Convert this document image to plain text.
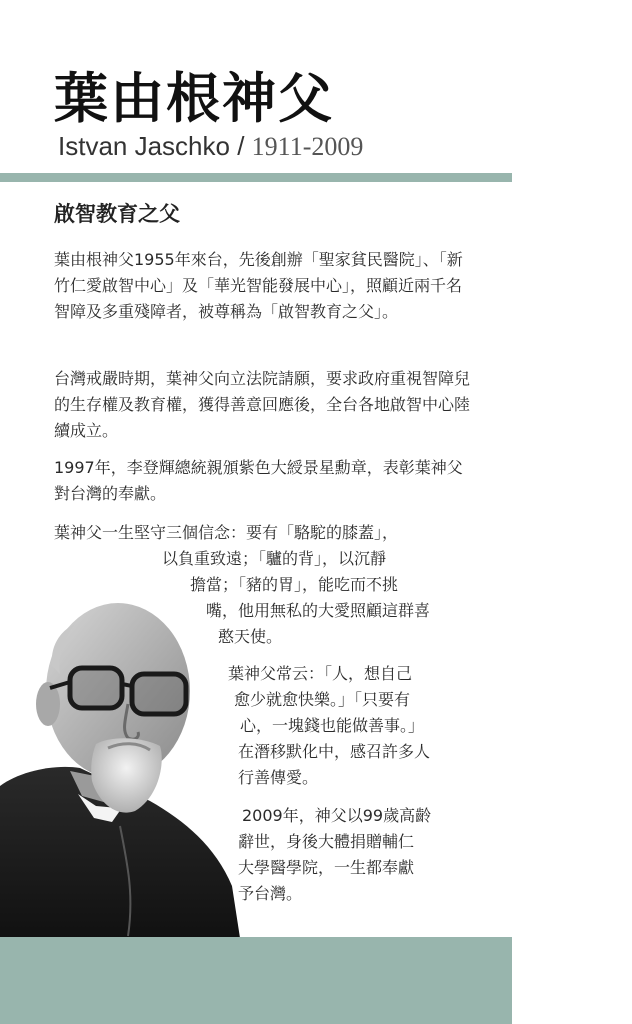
葉由根神父
Istvan Jaschko / 1911-2009
啟智教育之父

葉由根神父1955年來台，先後創辦「聖家貧民醫院」、「新竹仁愛啟智中心」及「華光智能發展中心」，照顧近兩千名智障及多重殘障者，被尊稱為「啟智教育之父」。

台灣戒嚴時期，葉神父向立法院請願，要求政府重視智障兒的生存權及教育權，獲得善意回應後，全台各地啟智中心陸續成立。

1997年，李登輝總統親頒紫色大綬景星勳章，表彰葉神父對台灣的奉獻。

葉神父一生堅守三個信念：要有「駱駝的膝蓋」，
以負重致遠；「驢的背」，以沉靜
擔當；「豬的胃」，能吃而不挑
嘴，他用無私的大愛照顧這群喜
憨天使。
葉神父常云：「人，想自己
愈少就愈快樂。」「只要有
心，一塊錢也能做善事。」
在潛移默化中，感召許多人
行善傳愛。
2009年，神父以99歲高齡
辭世，身後大體捐贈輔仁
大學醫學院，一生都奉獻
予台灣。
